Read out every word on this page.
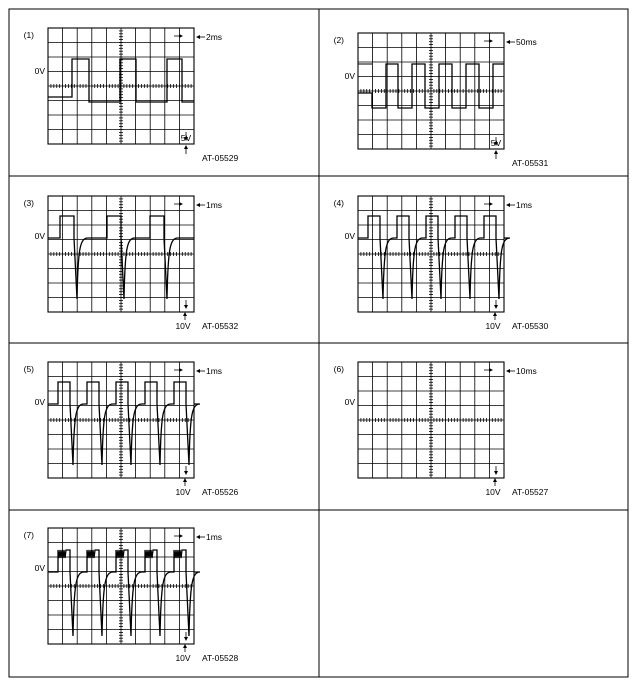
(1)	2ms
0V
5V
AT-05529
(2)	50ms
0V
5V
AT-05531
(3)	1ms
0V
10V AT-05532
(4)	1ms
0V
10V AT-05530
(5)	1ms
0V
10V AT-05526
(6)	10ms
0V
10V AT-05527
(7)	1ms
0V
10V AT-05528
